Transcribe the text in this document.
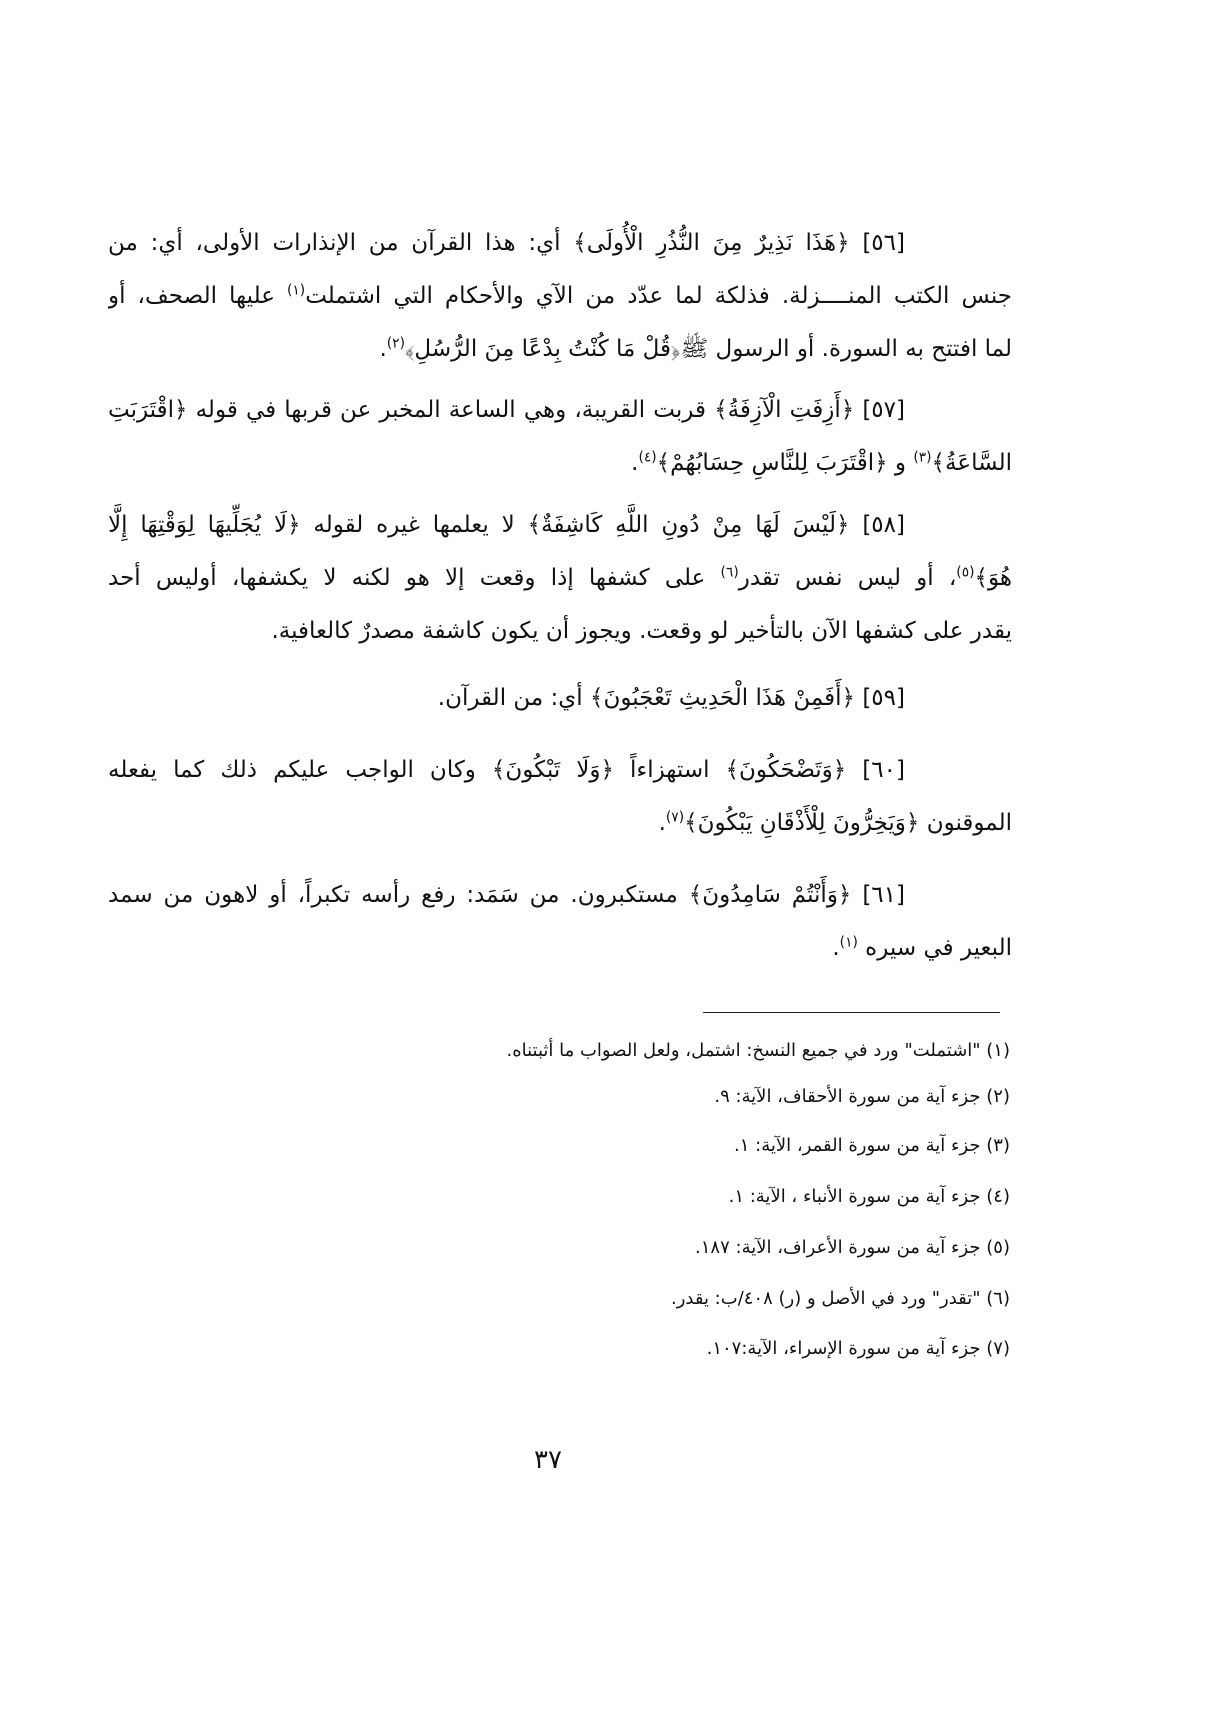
[٥٦] ﴿هَذَا نَذِيرٌ مِنَ النُّذُرِ الْأُولَى﴾ أي: هذا القرآن من الإنذارات الأولى، أي: من
جنس الكتب المنــــزلة. فذلكة لما عدّد من الآي والأحكام التي اشتملت$^{(١)}$ عليها الصحف، أو
لما افتتح به السورة. أو الرسول ﷺ﴿قُلْ مَا كُنْتُ بِدْعًا مِنَ الرُّسُلِ﴾$^{(٢)}$.
[٥٧] ﴿أَزِفَتِ الْآزِفَةُ﴾ قربت القريبة، وهي الساعة المخبر عن قربها في قوله ﴿اقْتَرَبَتِ
السَّاعَةُ﴾$^{(٣)}$ و ﴿اقْتَرَبَ لِلنَّاسِ حِسَابُهُمْ﴾$^{(٤)}$.
[٥٨] ﴿لَيْسَ لَهَا مِنْ دُونِ اللَّهِ كَاشِفَةٌ﴾ لا يعلمها غيره لقوله ﴿لَا يُجَلِّيهَا لِوَقْتِهَا إِلَّا
هُوَ﴾$^{(٥)}$، أو ليس نفس تقدر$^{(٦)}$ على كشفها إذا وقعت إلا هو لكنه لا يكشفها، أوليس أحد
يقدر على كشفها الآن بالتأخير لو وقعت. ويجوز أن يكون كاشفة مصدرٌ كالعافية.
[٥٩] ﴿أَفَمِنْ هَذَا الْحَدِيثِ تَعْجَبُونَ﴾ أي: من القرآن.
[٦٠] ﴿وَتَضْحَكُونَ﴾ استهزاءاً ﴿وَلَا تَبْكُونَ﴾ وكان الواجب عليكم ذلك كما يفعله
الموقنون ﴿وَيَخِرُّونَ لِلْأَذْقَانِ يَبْكُونَ﴾$^{(٧)}$.
[٦١] ﴿وَأَنْتُمْ سَامِدُونَ﴾ مستكبرون. من سَمَد: رفع رأسه تكبراً، أو لاهون من سمد
البعير في سيره $^{(١)}$.
(١) "اشتملت" ورد في جميع النسخ: اشتمل، ولعل الصواب ما أثبتناه.
(٢) جزء آية من سورة الأحقاف، الآية: ٩.
(٣) جزء آية من سورة القمر، الآية: ١.
(٤) جزء آية من سورة الأنباء ، الآية: ١.
(٥) جزء آية من سورة الأعراف، الآية: ١٨٧.
(٦) "تقدر" ورد في الأصل و (ر) ٤٠٨/ب: يقدر.
(٧) جزء آية من سورة الإسراء، الآية:١٠٧.
٣٧
